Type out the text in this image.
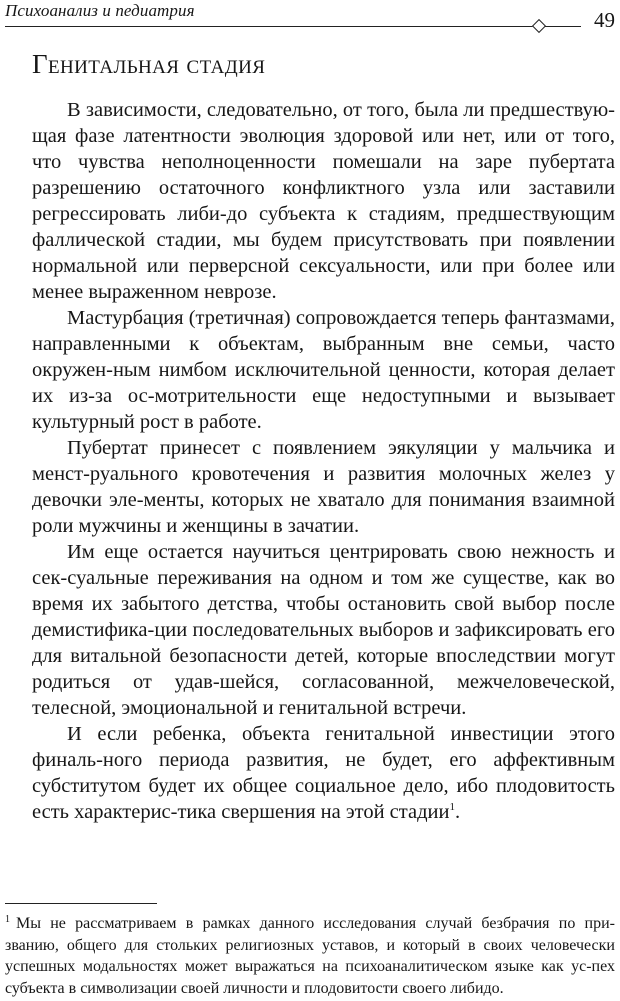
Психоанализ и педиатрия	49
Генитальная стадия

В зависимости, следовательно, от того, была ли предшествую-щая фазе латентности эволюция здоровой или нет, или от того, что чувства неполноценности помешали на заре пубертата разрешению остаточного конфликтного узла или заставили регрессировать либи-до субъекта к стадиям, предшествующим фаллической стадии, мы будем присутствовать при появлении нормальной или перверсной сексуальности, или при более или менее выраженном неврозе.

Мастурбация (третичная) сопровождается теперь фантазмами, направленными к объектам, выбранным вне семьи, часто окружен-ным нимбом исключительной ценности, которая делает их из-за ос-мотрительности еще недоступными и вызывает культурный рост в работе.

Пубертат принесет с появлением эякуляции у мальчика и менст-руального кровотечения и развития молочных желез у девочки эле-менты, которых не хватало для понимания взаимной роли мужчины и женщины в зачатии.

Им еще остается научиться центрировать свою нежность и сек-суальные переживания на одном и том же существе, как во время их забытого детства, чтобы остановить свой выбор после демистифика-ции последовательных выборов и зафиксировать его для витальной безопасности детей, которые впоследствии могут родиться от удав-шейся, согласованной, межчеловеческой, телесной, эмоциональной и генитальной встречи.

И если ребенка, объекта генитальной инвестиции этого финаль-ного периода развития, не будет, его аффективным субститутом будет их общее социальное дело, ибо плодовитость есть характерис-тика свершения на этой стадии$^1$.

$^1$ Мы не рассматриваем в рамках данного исследования случай безбрачия по при-званию, общего для стольких религиозных уставов, и который в своих человечески успешных модальностях может выражаться на психоаналитическом языке как ус-пех субъекта в символизации своей личности и плодовитости своего либидо.
